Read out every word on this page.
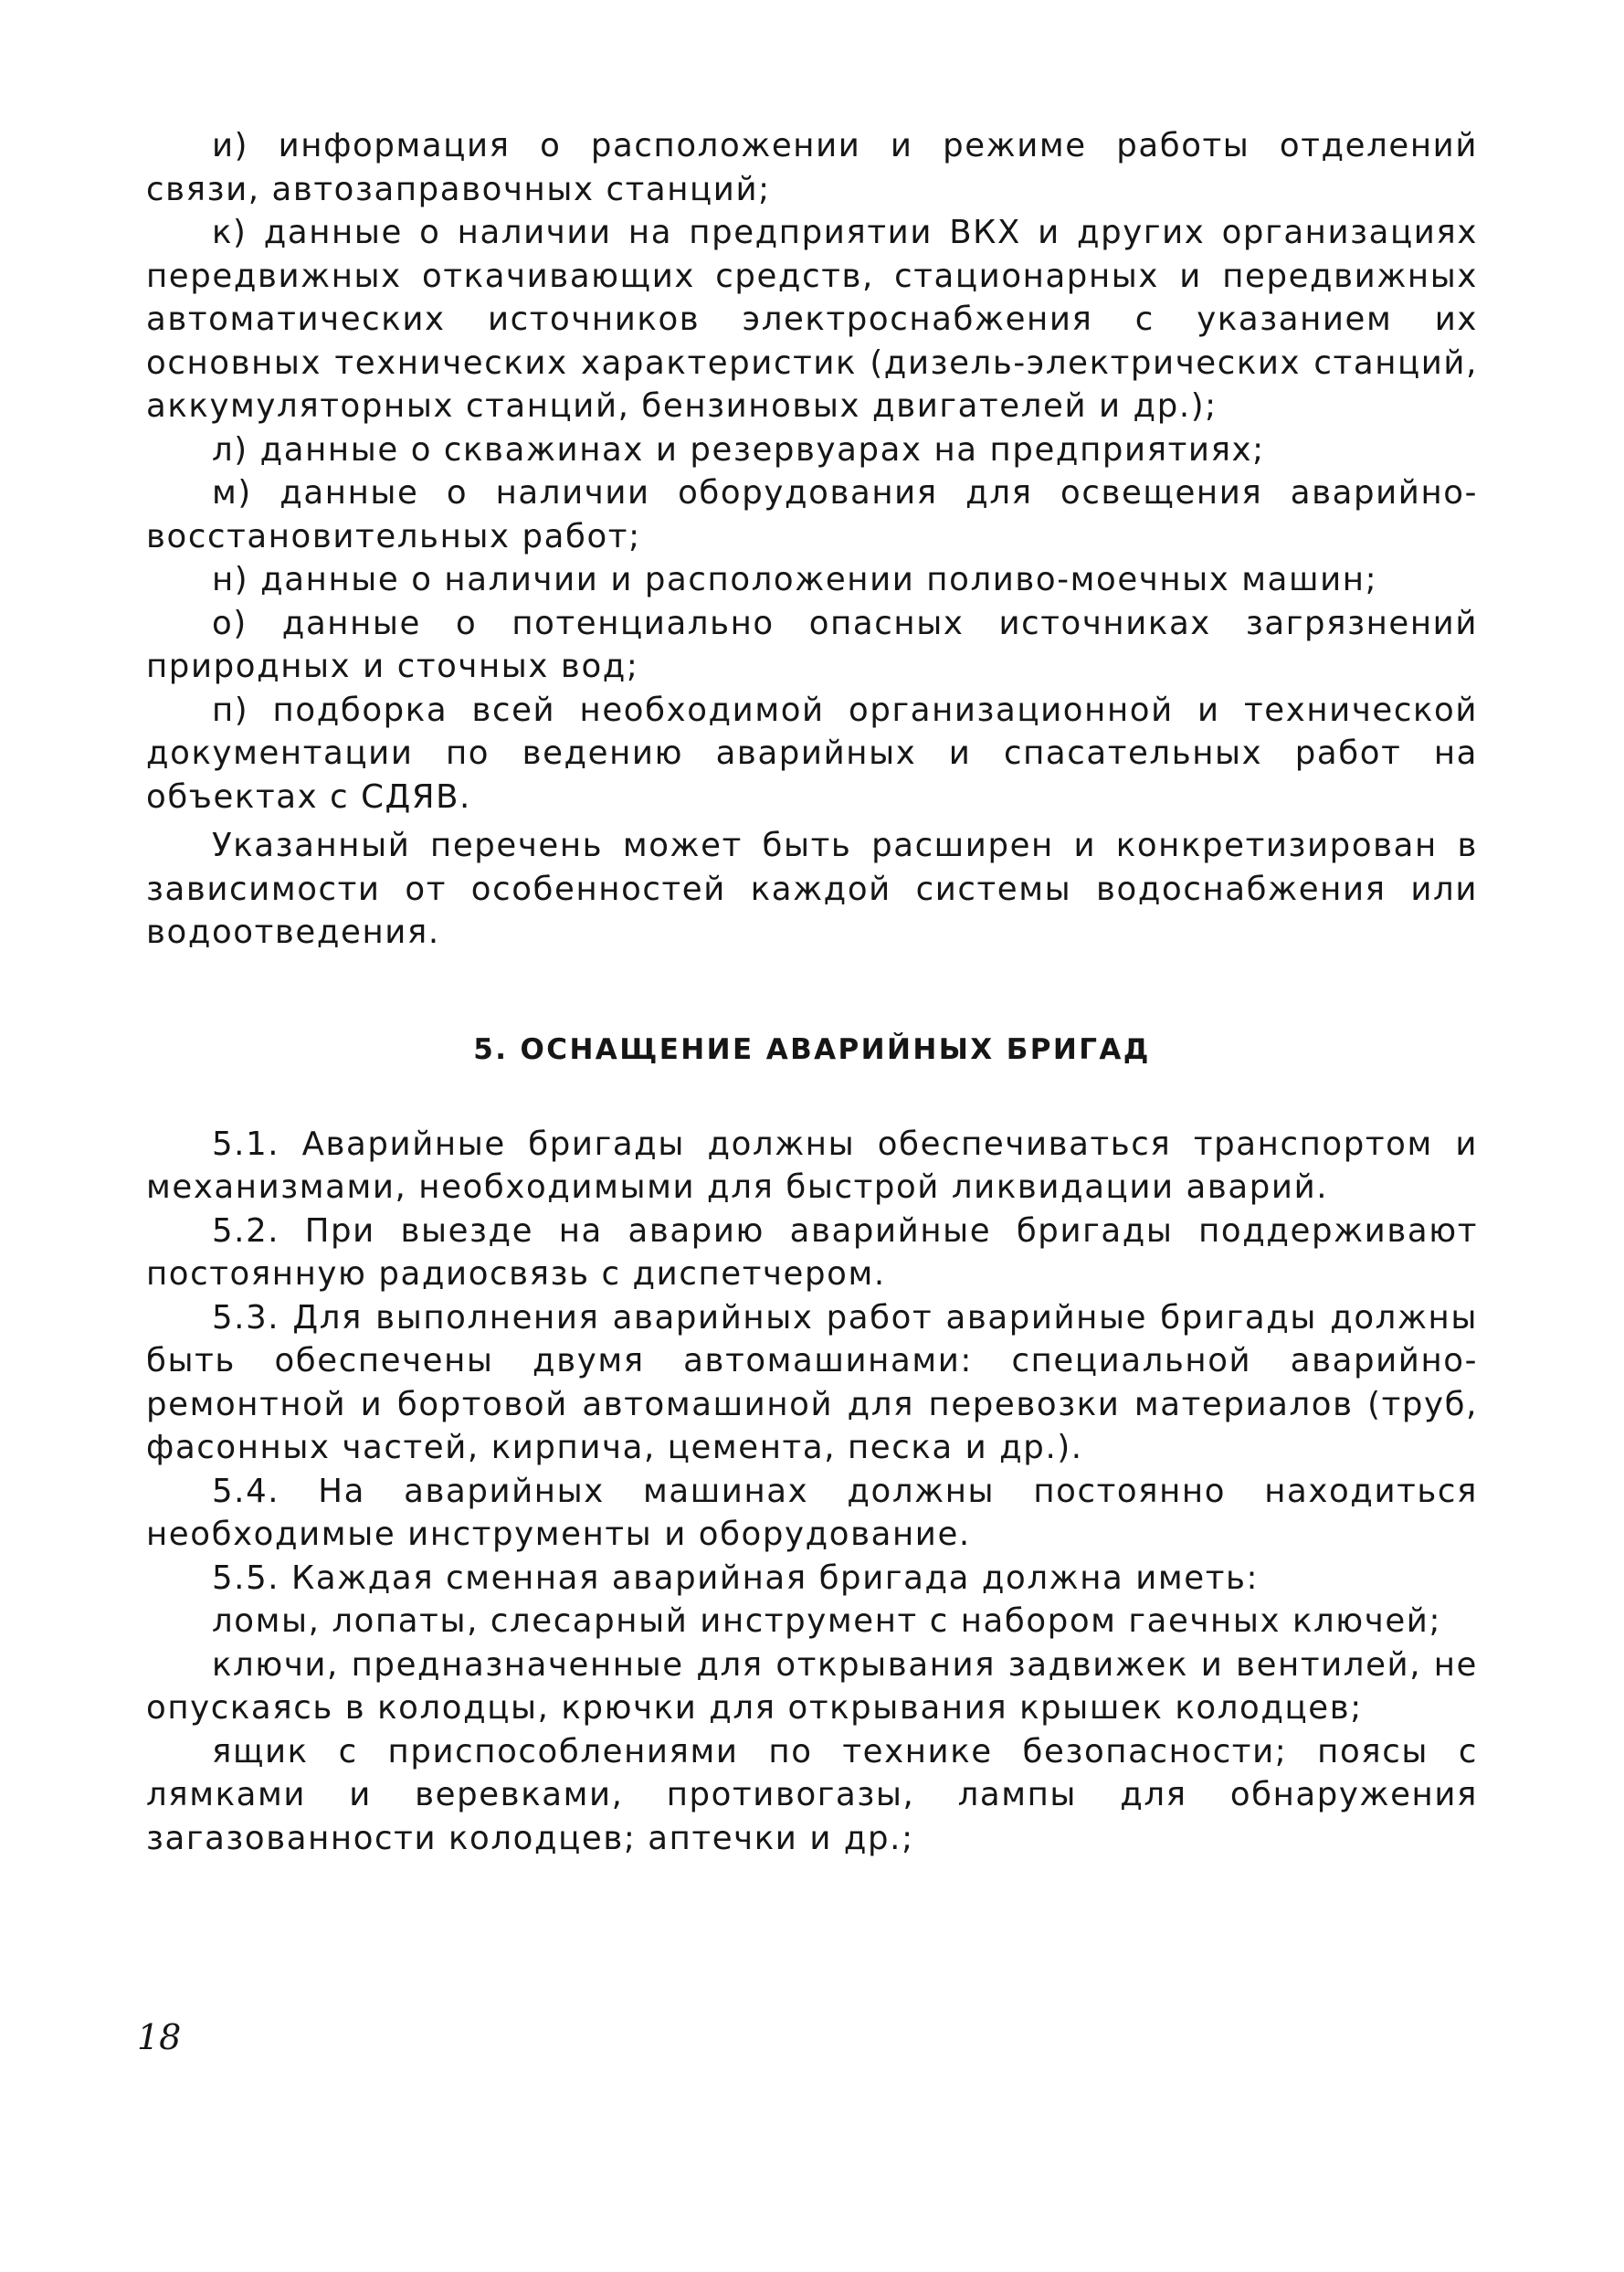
и) информация о расположении и режиме работы отделений связи, автозаправочных станций;

к) данные о наличии на предприятии ВКХ и других организациях передвижных откачивающих средств, стационарных и передвижных автоматических источников электроснабжения с указанием их основных технических характеристик (дизель-электрических станций, аккумуляторных станций, бензиновых двигателей и др.);

л) данные о скважинах и резервуарах на предприятиях;

м) данные о наличии оборудования для освещения аварийно-восстановительных работ;

н) данные о наличии и расположении поливо-моечных машин;

о) данные о потенциально опасных источниках загрязнений природных и сточных вод;

п) подборка всей необходимой организационной и технической документации по ведению аварийных и спасательных работ на объектах с СДЯВ.

Указанный перечень может быть расширен и конкретизирован в зависимости от особенностей каждой системы водоснабжения или водоотведения.

5. ОСНАЩЕНИЕ АВАРИЙНЫХ БРИГАД

5.1. Аварийные бригады должны обеспечиваться транспортом и механизмами, необходимыми для быстрой ликвидации аварий.

5.2. При выезде на аварию аварийные бригады поддерживают постоянную радиосвязь с диспетчером.

5.3. Для выполнения аварийных работ аварийные бригады должны быть обеспечены двумя автомашинами: специальной аварийно-ремонтной и бортовой автомашиной для перевозки материалов (труб, фасонных частей, кирпича, цемента, песка и др.).

5.4. На аварийных машинах должны постоянно находиться необходимые инструменты и оборудование.

5.5. Каждая сменная аварийная бригада должна иметь:

ломы, лопаты, слесарный инструмент с набором гаечных ключей;

ключи, предназначенные для открывания задвижек и вентилей, не опускаясь в колодцы, крючки для открывания крышек колодцев;

ящик с приспособлениями по технике безопасности; поясы с лямками и веревками, противогазы, лампы для обнаружения загазованности колодцев; аптечки и др.;

18
